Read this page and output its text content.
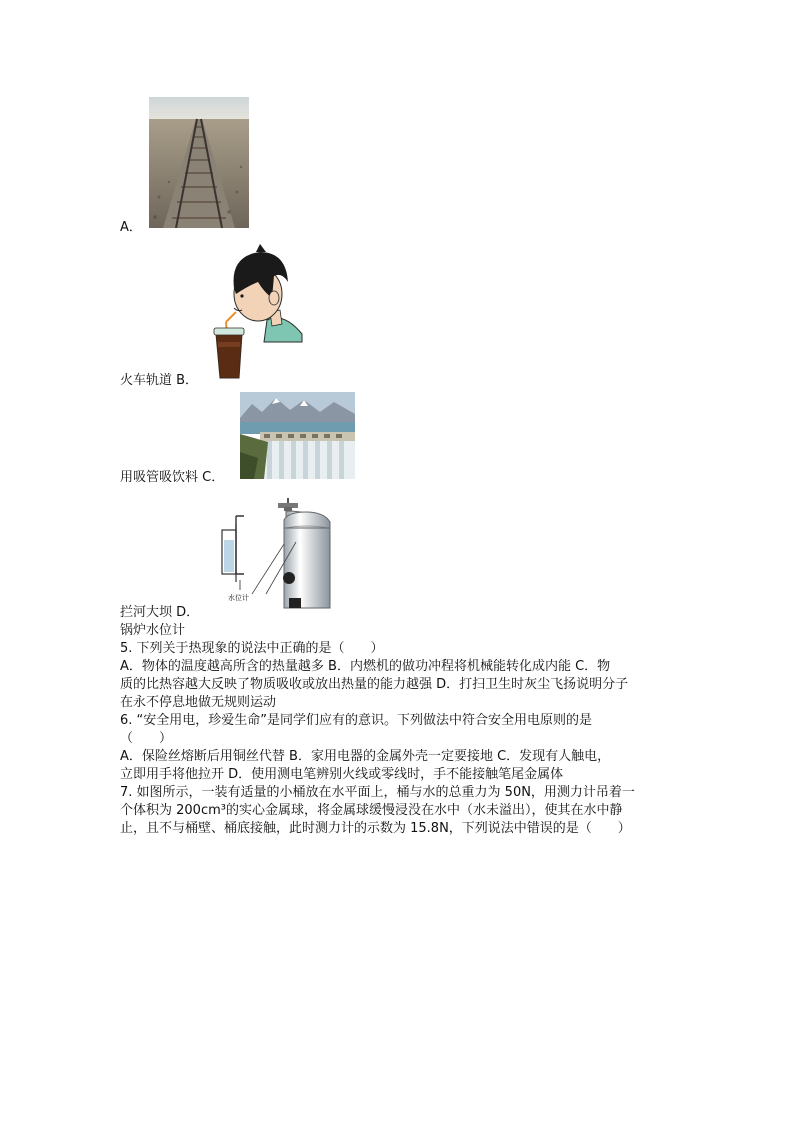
A．
火车轨道 B．
用吸管吸饮料 C．
水位计
拦河大坝 D．
锅炉水位计
5. 下列关于热现象的说法中正确的是（　　）
A．物体的温度越高所含的热量越多 B．内燃机的做功冲程将机械能转化成内能 C．物
质的比热容越大反映了物质吸收或放出热量的能力越强 D．打扫卫生时灰尘飞扬说明分子
在永不停息地做无规则运动
6. “安全用电，珍爱生命”是同学们应有的意识。下列做法中符合安全用电原则的是
（　　）
A．保险丝熔断后用铜丝代替 B．家用电器的金属外壳一定要接地 C．发现有人触电，
立即用手将他拉开 D．使用测电笔辨别火线或零线时，手不能接触笔尾金属体
7. 如图所示，一装有适量的小桶放在水平面上，桶与水的总重力为 50N，用测力计吊着一
个体积为 200cm³的实心金属球，将金属球缓慢浸没在水中（水未溢出），使其在水中静
止，且不与桶壁、桶底接触，此时测力计的示数为 15.8N，下列说法中错误的是（　　）
